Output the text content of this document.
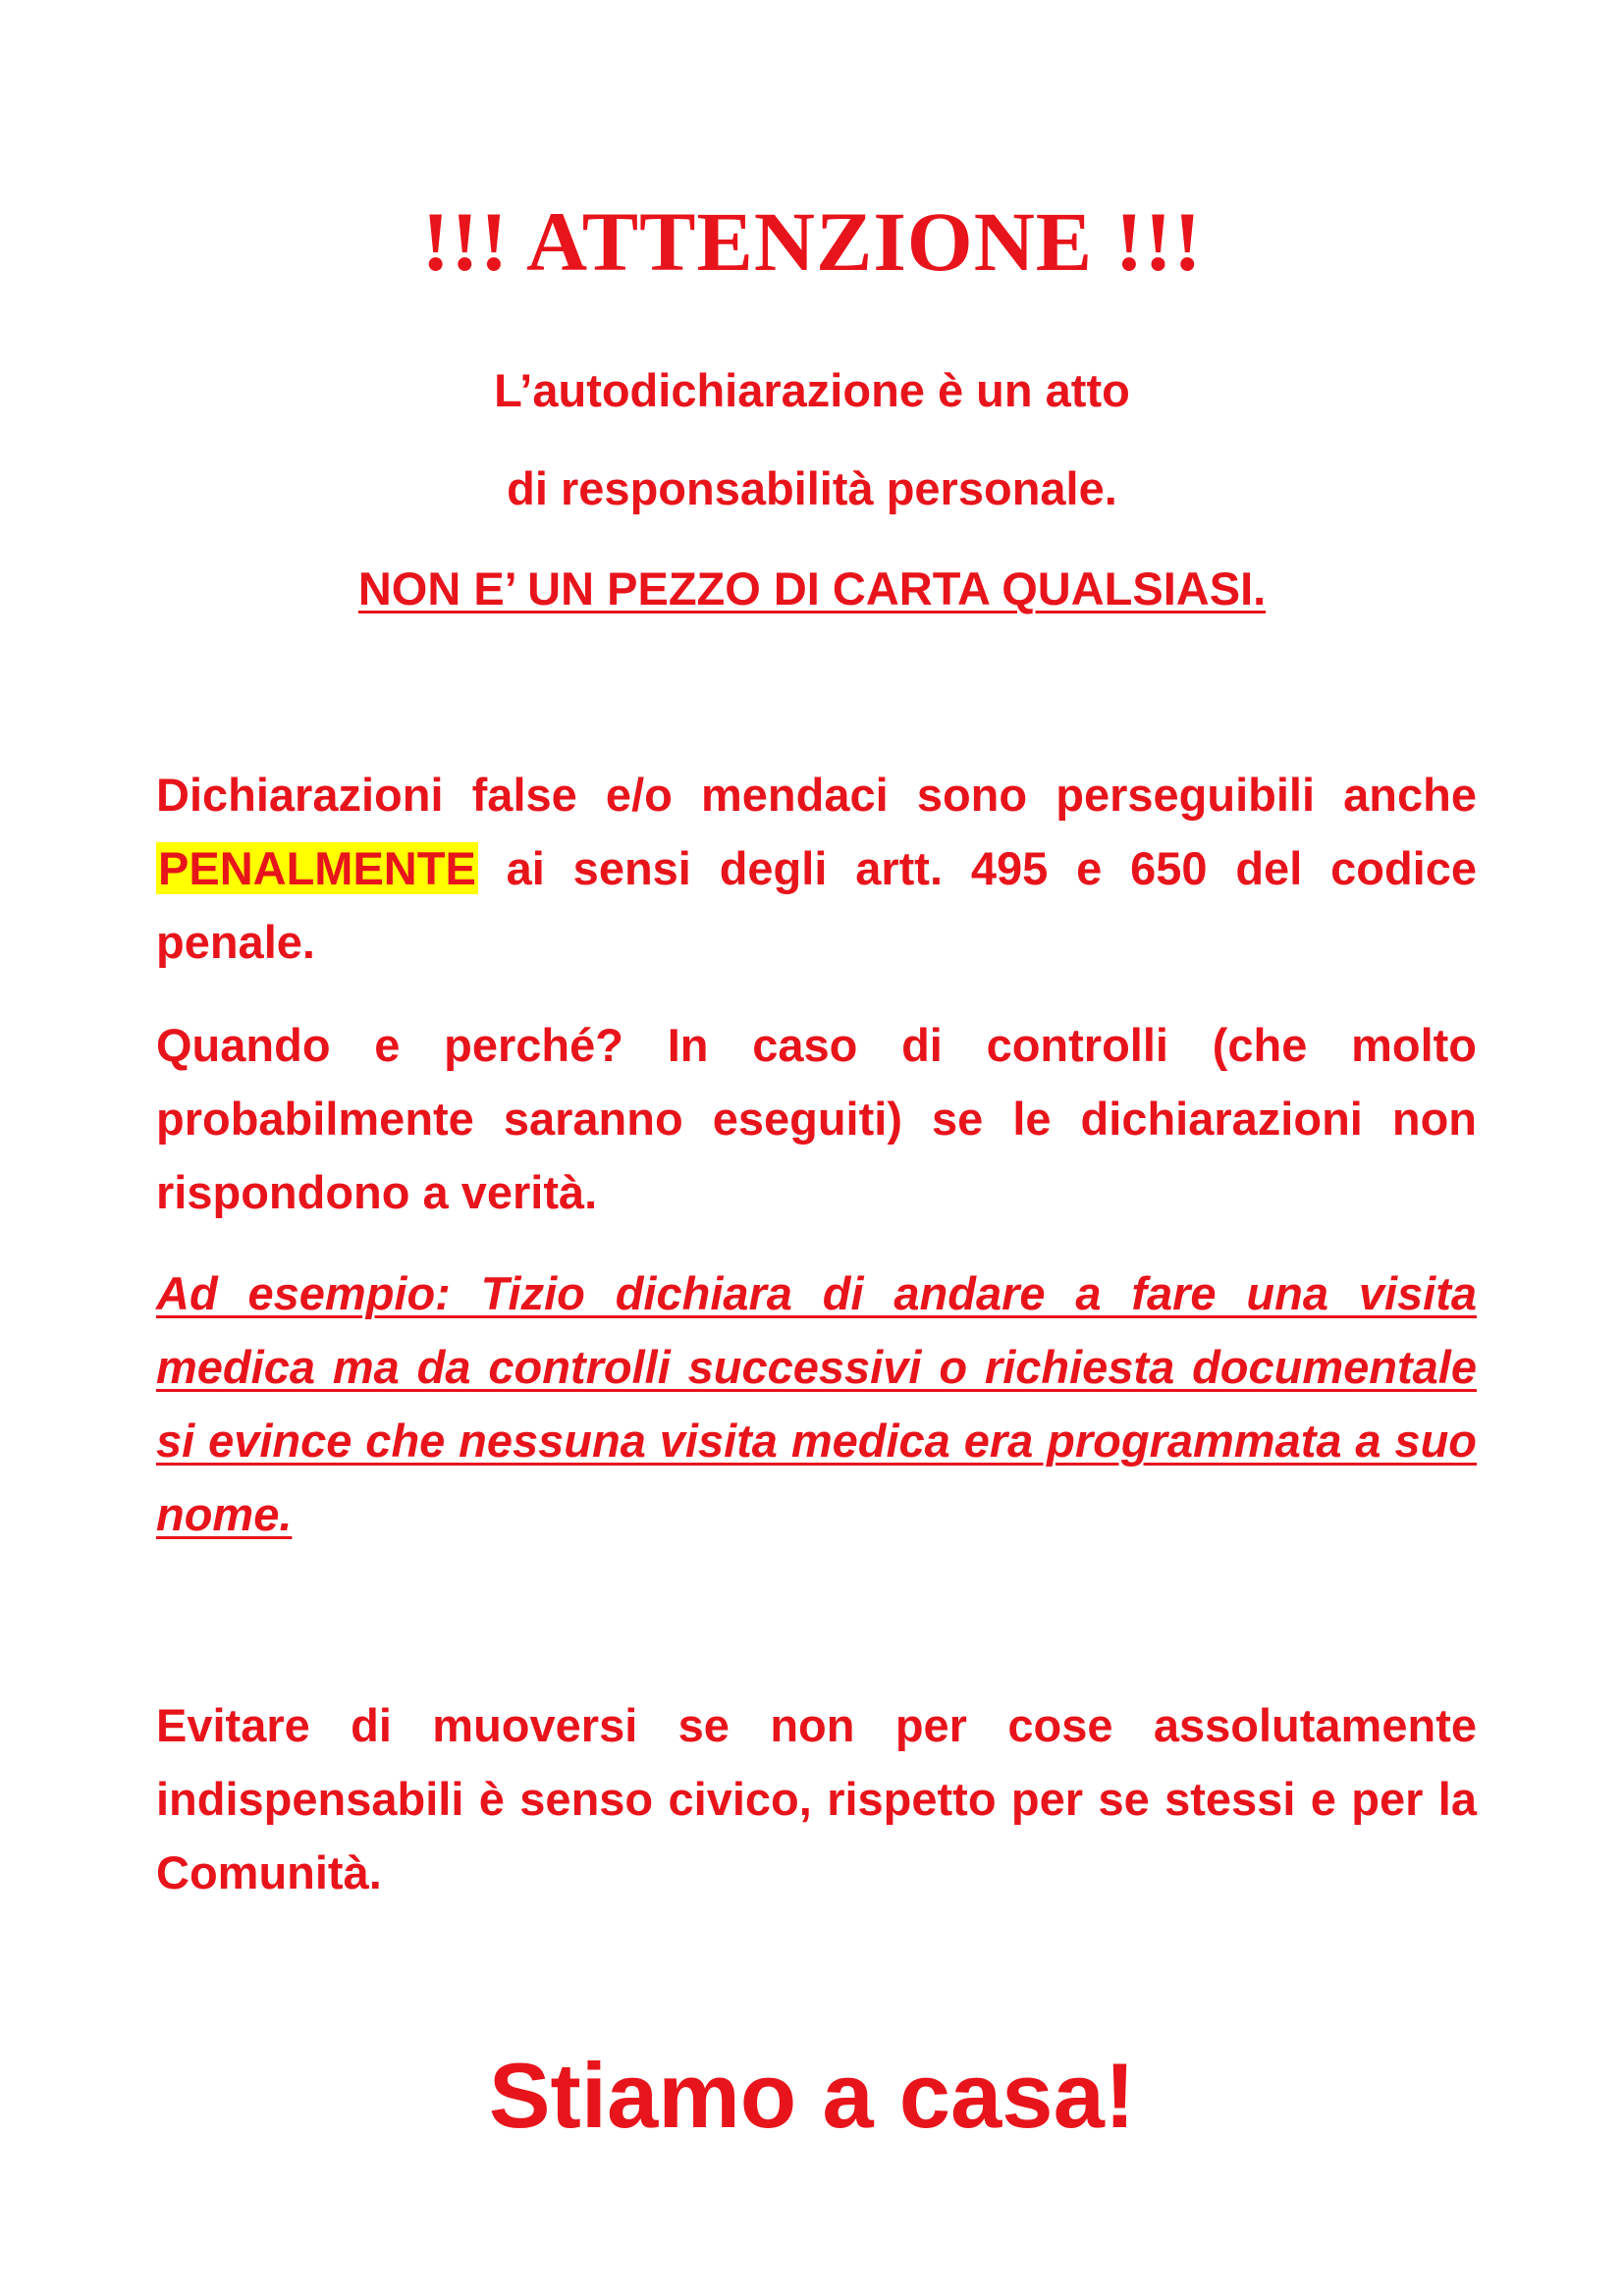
!!! ATTENZIONE !!!
L’autodichiarazione è un atto
di responsabilità personale.
NON E’ UN PEZZO DI CARTA QUALSIASI.

Dichiarazioni false e/o mendaci sono perseguibili anche PENALMENTE ai sensi degli artt. 495 e 650 del codice penale.

Quando e perché? In caso di controlli (che molto probabilmente saranno eseguiti) se le dichiarazioni non rispondono a verità.

Ad esempio: Tizio dichiara di andare a fare una visita medica ma da controlli successivi o richiesta documentale si evince che nessuna visita medica era programmata a suo nome.

Evitare di muoversi se non per cose assolutamente indispensabili è senso civico, rispetto per se stessi e per la Comunità.

Stiamo a casa!
